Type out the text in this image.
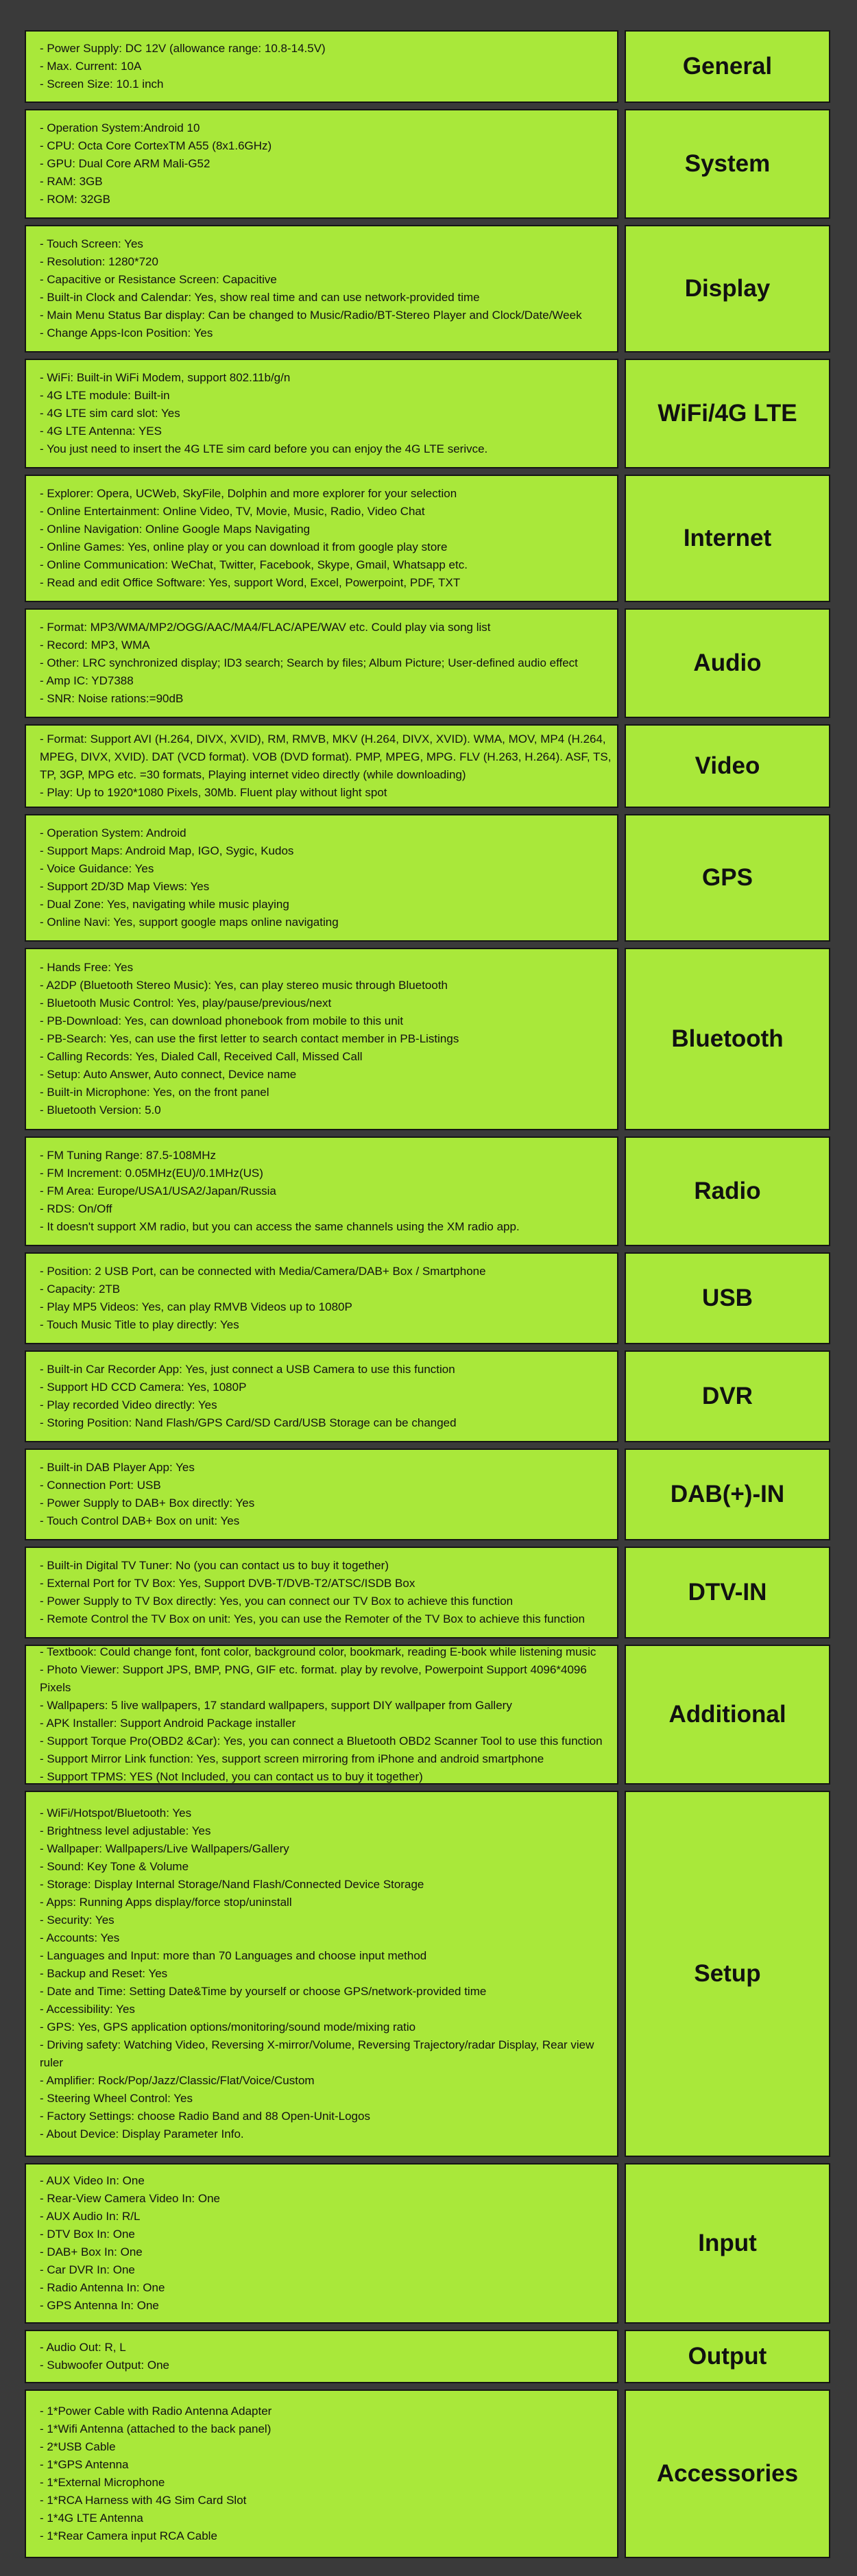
- Power Supply: DC 12V (allowance range: 10.8-14.5V)
- Max. Current: 10A
- Screen Size: 10.1 inch
General
- Operation System:Android 10
- CPU: Octa Core CortexTM A55 (8x1.6GHz)
- GPU: Dual Core ARM Mali-G52
- RAM: 3GB
- ROM: 32GB
System
- Touch Screen: Yes
- Resolution: 1280*720
- Capacitive or Resistance Screen: Capacitive
- Built-in Clock and Calendar: Yes, show real time and can use network-provided time
- Main Menu Status Bar display: Can be changed to Music/Radio/BT-Stereo Player and Clock/Date/Week
- Change Apps-Icon Position: Yes
Display
- WiFi: Built-in WiFi Modem, support 802.11b/g/n
- 4G LTE module: Built-in
- 4G LTE sim card slot: Yes
- 4G LTE Antenna: YES
- You just need to insert the 4G LTE sim card before you can enjoy the 4G LTE serivce.
WiFi/4G LTE
- Explorer: Opera, UCWeb, SkyFile, Dolphin and more explorer for your selection
- Online Entertainment: Online Video, TV, Movie, Music, Radio, Video Chat
- Online Navigation: Online Google Maps Navigating
- Online Games: Yes, online play or you can download it from google play store
- Online Communication: WeChat, Twitter, Facebook, Skype, Gmail, Whatsapp etc.
- Read and edit Office Software: Yes, support Word, Excel, Powerpoint, PDF, TXT
Internet
- Format: MP3/WMA/MP2/OGG/AAC/MA4/FLAC/APE/WAV etc. Could play via song list
- Record: MP3, WMA
- Other: LRC synchronized display; ID3 search; Search by files; Album Picture; User-defined audio effect
- Amp IC: YD7388
- SNR: Noise rations:=90dB
Audio
- Format: Support AVI (H.264, DIVX, XVID), RM, RMVB, MKV (H.264, DIVX, XVID). WMA, MOV, MP4 (H.264, MPEG, DIVX, XVID). DAT (VCD format). VOB (DVD format). PMP, MPEG, MPG. FLV (H.263, H.264). ASF, TS, TP, 3GP, MPG etc. =30 formats, Playing internet video directly (while downloading)
- Play: Up to 1920*1080 Pixels, 30Mb. Fluent play without light spot
Video
- Operation System: Android
- Support Maps: Android Map, IGO, Sygic, Kudos
- Voice Guidance: Yes
- Support 2D/3D Map Views: Yes
- Dual Zone: Yes, navigating while music playing
- Online Navi: Yes, support google maps online navigating
GPS
- Hands Free: Yes
- A2DP (Bluetooth Stereo Music): Yes, can play stereo music through Bluetooth
- Bluetooth Music Control: Yes, play/pause/previous/next
- PB-Download: Yes, can download phonebook from mobile to this unit
- PB-Search: Yes, can use the first letter to search contact member in PB-Listings
- Calling Records: Yes, Dialed Call, Received Call, Missed Call
- Setup: Auto Answer, Auto connect, Device name
- Built-in Microphone: Yes, on the front panel
- Bluetooth Version: 5.0
Bluetooth
- FM Tuning Range: 87.5-108MHz
- FM Increment: 0.05MHz(EU)/0.1MHz(US)
- FM Area: Europe/USA1/USA2/Japan/Russia
- RDS: On/Off
- It doesn't support XM radio, but you can access the same channels using the XM radio app.
Radio
- Position: 2 USB Port, can be connected with Media/Camera/DAB+ Box / Smartphone
- Capacity: 2TB
- Play MP5 Videos: Yes, can play RMVB Videos up to 1080P
- Touch Music Title to play directly: Yes
USB
- Built-in Car Recorder App: Yes, just connect a USB Camera to use this function
- Support HD CCD Camera: Yes, 1080P
- Play recorded Video directly: Yes
- Storing Position: Nand Flash/GPS Card/SD Card/USB Storage can be changed
DVR
- Built-in DAB Player App: Yes
- Connection Port: USB
- Power Supply to DAB+ Box directly: Yes
- Touch Control DAB+ Box on unit: Yes
DAB(+)-IN
- Built-in Digital TV Tuner: No (you can contact us to buy it together)
- External Port for TV Box: Yes, Support DVB-T/DVB-T2/ATSC/ISDB Box
- Power Supply to TV Box directly: Yes, you can connect our TV Box to achieve this function
- Remote Control the TV Box on unit: Yes, you can use the Remoter of the TV Box to achieve this function
DTV-IN
- Textbook: Could change font, font color, background color, bookmark, reading E-book while listening music
- Photo Viewer: Support JPS, BMP, PNG, GIF etc. format. play by revolve, Powerpoint Support 4096*4096 Pixels
- Wallpapers: 5 live wallpapers, 17 standard wallpapers, support DIY wallpaper from Gallery
- APK Installer: Support Android Package installer
- Support Torque Pro(OBD2 &Car): Yes, you can connect a Bluetooth OBD2 Scanner Tool to use this function
- Support Mirror Link function: Yes, support screen mirroring from iPhone and android smartphone
- Support TPMS: YES (Not Included, you can contact us to buy it together)
Additional
- WiFi/Hotspot/Bluetooth: Yes
- Brightness level adjustable: Yes
- Wallpaper: Wallpapers/Live Wallpapers/Gallery
- Sound: Key Tone & Volume
- Storage: Display Internal Storage/Nand Flash/Connected Device Storage
- Apps: Running Apps display/force stop/uninstall
- Security: Yes
- Accounts: Yes
- Languages and Input: more than 70 Languages and choose input method
- Backup and Reset: Yes
- Date and Time: Setting Date&Time by yourself or choose GPS/network-provided time
- Accessibility: Yes
- GPS: Yes, GPS application options/monitoring/sound mode/mixing ratio
- Driving safety: Watching Video, Reversing X-mirror/Volume, Reversing Trajectory/radar Display, Rear view ruler
- Amplifier: Rock/Pop/Jazz/Classic/Flat/Voice/Custom
- Steering Wheel Control: Yes
- Factory Settings: choose Radio Band and 88 Open-Unit-Logos
- About Device: Display Parameter Info.
Setup
- AUX Video In: One
- Rear-View Camera Video In: One
- AUX Audio In: R/L
- DTV Box In: One
- DAB+ Box In: One
- Car DVR In: One
- Radio Antenna In: One
- GPS Antenna In: One
Input
- Audio Out: R, L
- Subwoofer Output: One	Output
- 1*Power Cable with Radio Antenna Adapter
- 1*Wifi Antenna (attached to the back panel)
- 2*USB Cable
- 1*GPS Antenna
- 1*External Microphone
- 1*RCA Harness with 4G Sim Card Slot
- 1*4G LTE Antenna
- 1*Rear Camera input RCA Cable
Accessories
